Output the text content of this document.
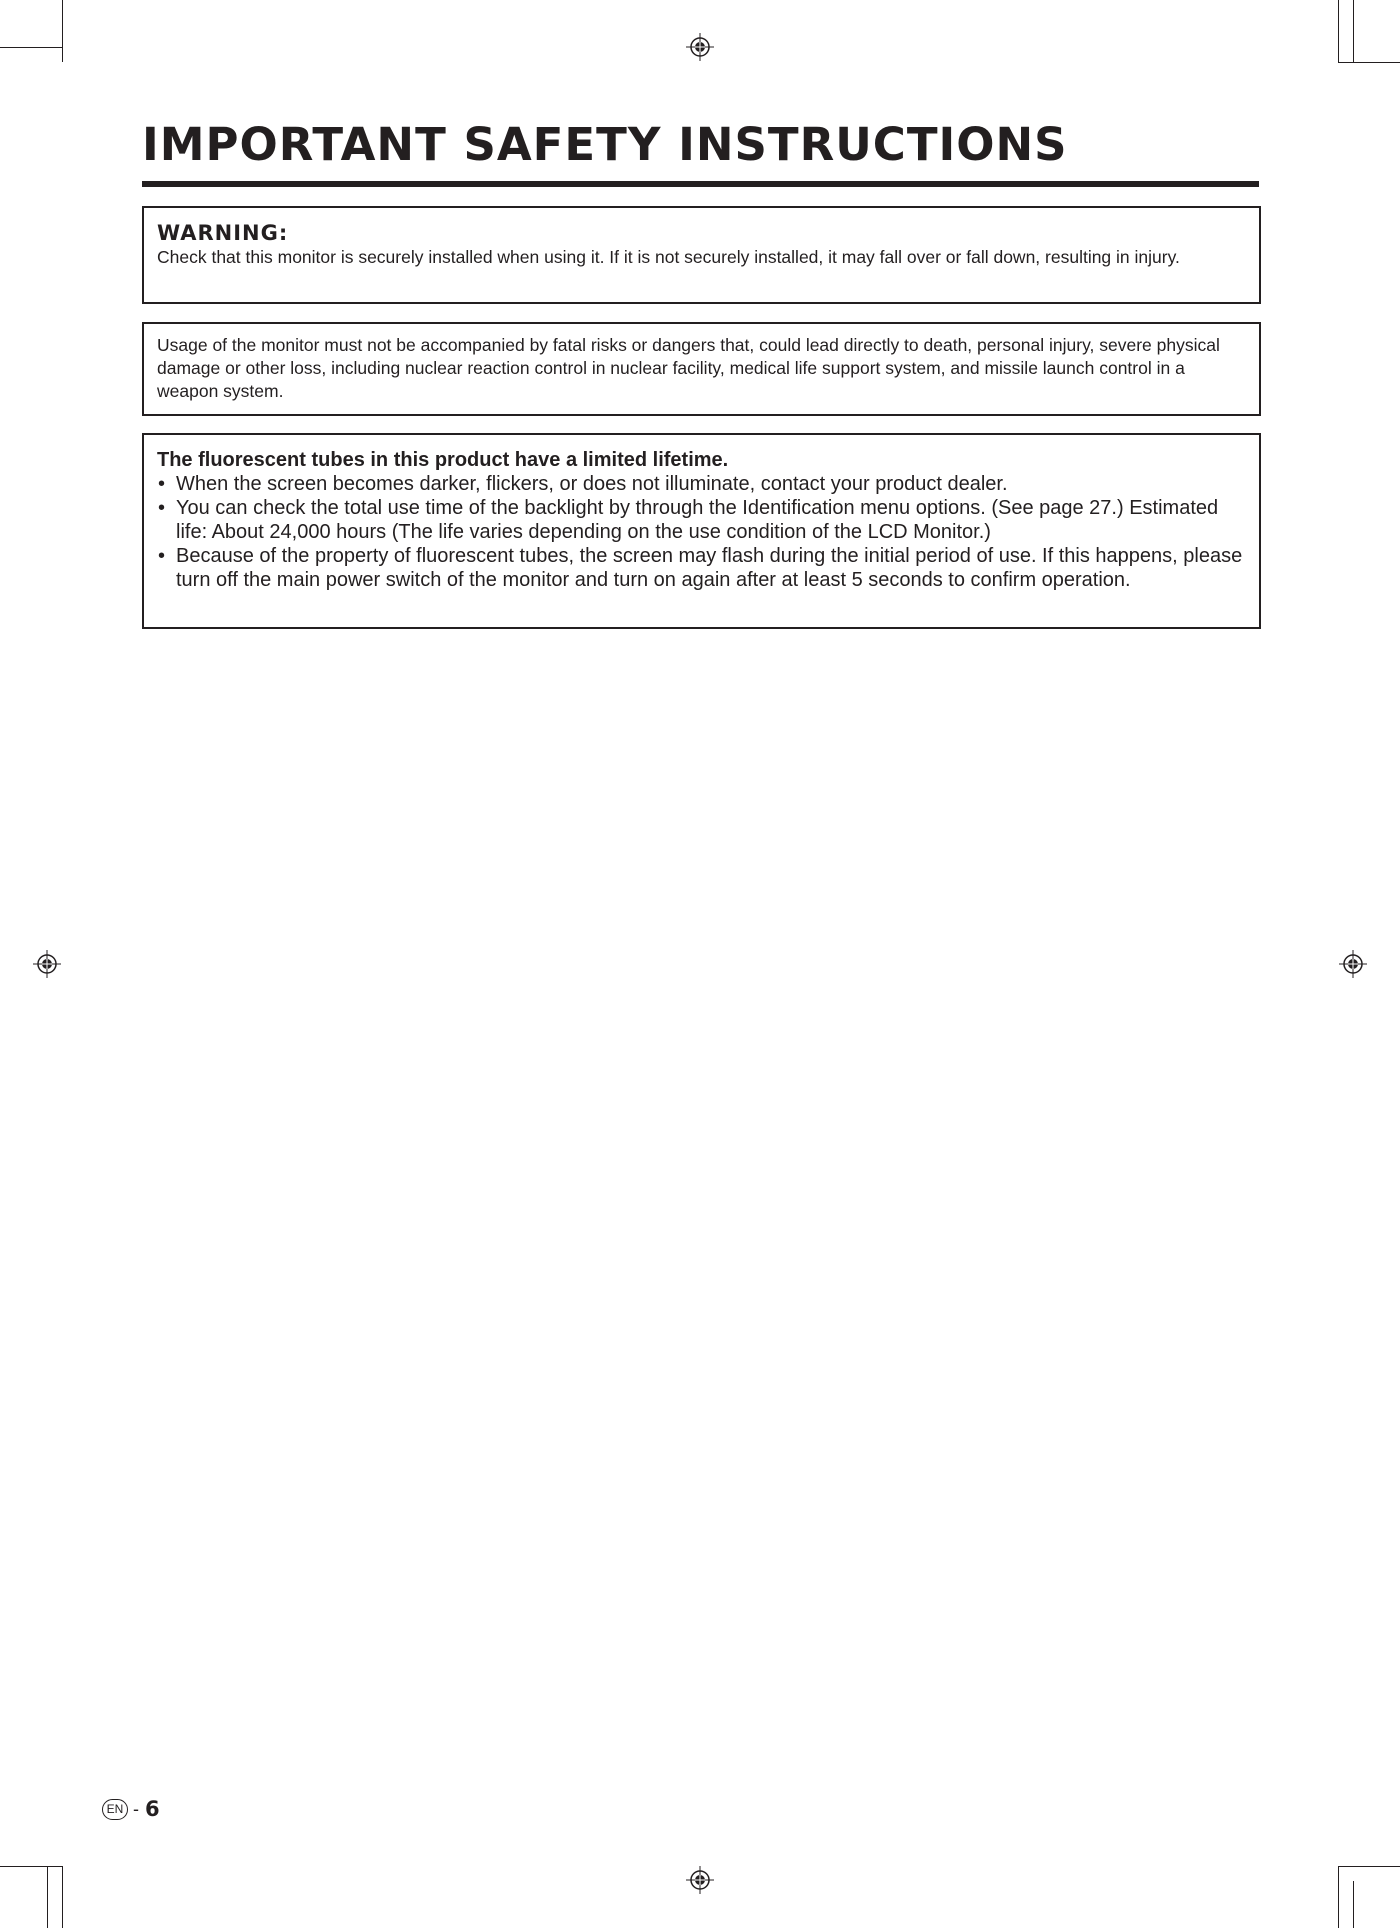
IMPORTANT SAFETY INSTRUCTIONS
WARNING:
Check that this monitor is securely installed when using it. If it is not securely installed, it may fall over or fall down, resulting in injury.
Usage of the monitor must not be accompanied by fatal risks or dangers that, could lead directly to death, personal injury, severe physical damage or other loss, including nuclear reaction control in nuclear facility, medical life support system, and missile launch control in a weapon system.
The fluorescent tubes in this product have a limited lifetime.
• When the screen becomes darker, flickers, or does not illuminate, contact your product dealer.
• You can check the total use time of the backlight by through the Identification menu options. (See page 27.) Estimated life: About 24,000 hours (The life varies depending on the use condition of the LCD Monitor.)
• Because of the property of fluorescent tubes, the screen may flash during the initial period of use. If this happens, please turn off the main power switch of the monitor and turn on again after at least 5 seconds to confirm operation.
EN - 6
